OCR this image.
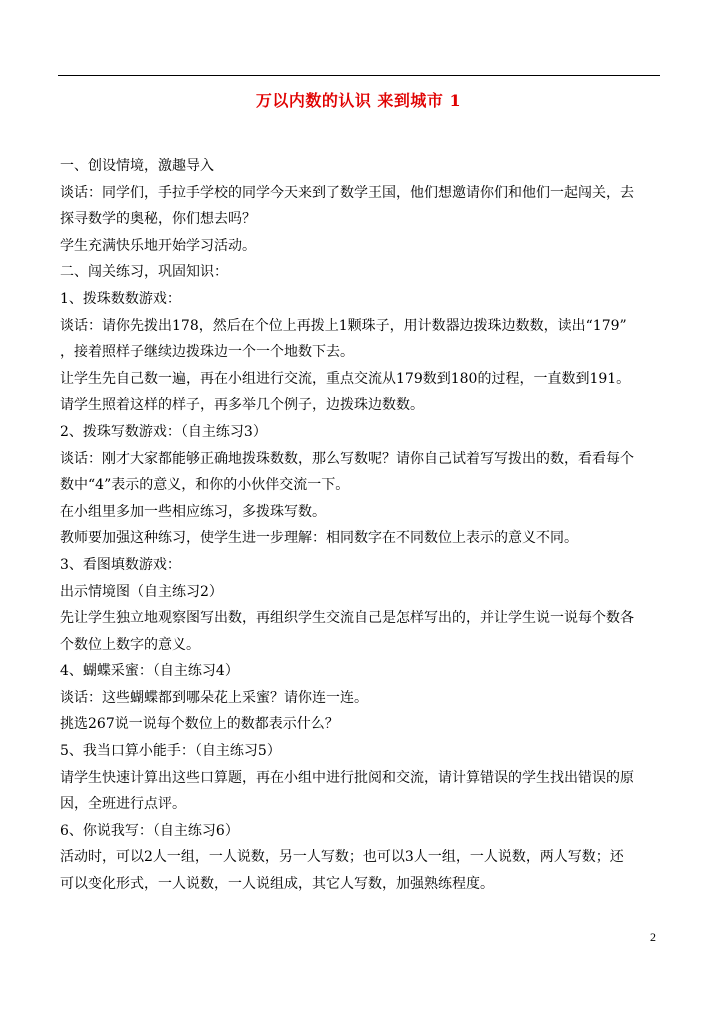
万以内数的认识 来到城市 1

一、创设情境，激趣导入

谈话：同学们，手拉手学校的同学今天来到了数学王国，他们想邀请你们和他们一起闯关，去

探寻数学的奥秘，你们想去吗？

学生充满快乐地开始学习活动。

二、闯关练习，巩固知识：

1、拨珠数数游戏：

谈话：请你先拨出178，然后在个位上再拨上1颗珠子，用计数器边拨珠边数数，读出“179”

，接着照样子继续边拨珠边一个一个地数下去。

让学生先自己数一遍，再在小组进行交流，重点交流从179数到180的过程，一直数到191。

请学生照着这样的样子，再多举几个例子，边拨珠边数数。

2、拨珠写数游戏：（自主练习3）

谈话：刚才大家都能够正确地拨珠数数，那么写数呢？请你自己试着写写拨出的数，看看每个

数中“4”表示的意义，和你的小伙伴交流一下。

在小组里多加一些相应练习，多拨珠写数。

教师要加强这种练习，使学生进一步理解：相同数字在不同数位上表示的意义不同。

3、看图填数游戏：

出示情境图（自主练习2）

先让学生独立地观察图写出数，再组织学生交流自己是怎样写出的，并让学生说一说每个数各

个数位上数字的意义。

4、蝴蝶采蜜：（自主练习4）

谈话：这些蝴蝶都到哪朵花上采蜜？请你连一连。

挑选267说一说每个数位上的数都表示什么？

5、我当口算小能手：（自主练习5）

请学生快速计算出这些口算题，再在小组中进行批阅和交流，请计算错误的学生找出错误的原

因，全班进行点评。

6、你说我写：（自主练习6）

活动时，可以2人一组，一人说数，另一人写数；也可以3人一组，一人说数，两人写数；还

可以变化形式，一人说数，一人说组成，其它人写数，加强熟练程度。

2
